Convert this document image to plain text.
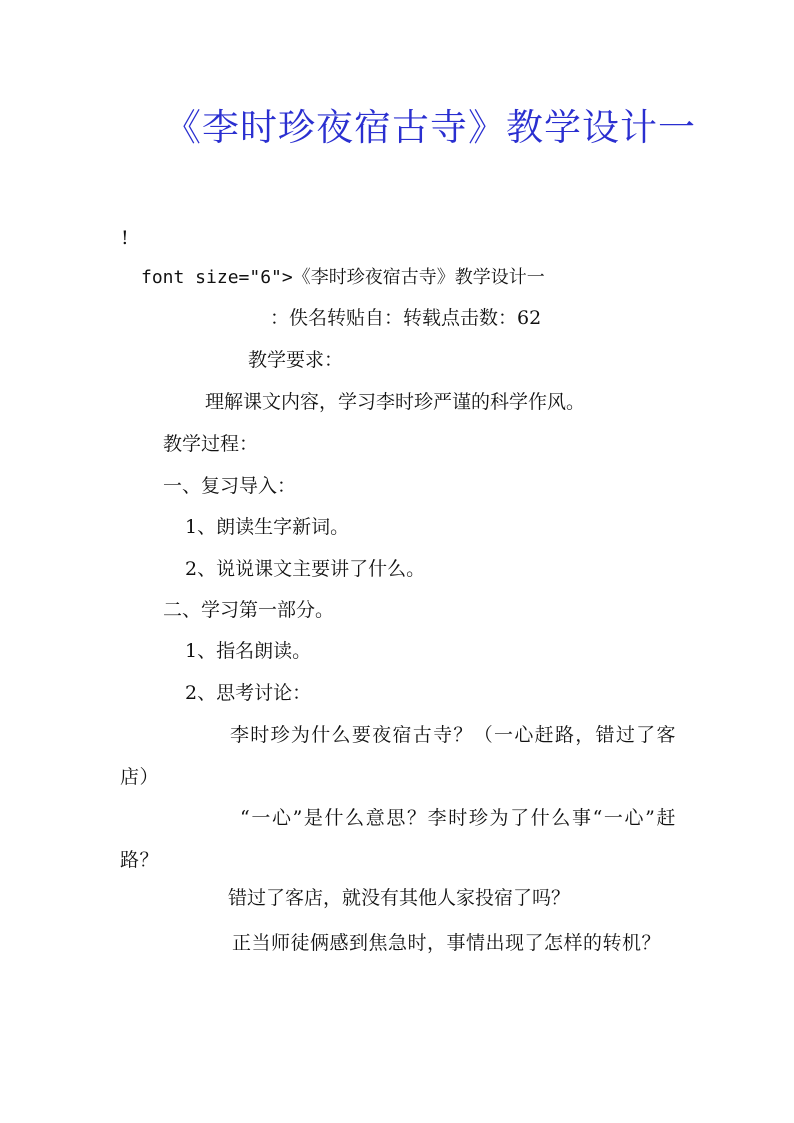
《李时珍夜宿古寺》教学设计一
!
font size="6">《李时珍夜宿古寺》教学设计一
：佚名转贴自：转载点击数：62
教学要求：
理解课文内容，学习李时珍严谨的科学作风。
教学过程：
一、复习导入：
1、朗读生字新词。
2、说说课文主要讲了什么。
二、学习第一部分。
1、指名朗读。
2、思考讨论：
李时珍为什么要夜宿古寺？（一心赶路，错过了客店）
“一心”是什么意思？李时珍为了什么事“一心”赶路？
错过了客店，就没有其他人家投宿了吗？
正当师徒俩感到焦急时，事情出现了怎样的转机？
